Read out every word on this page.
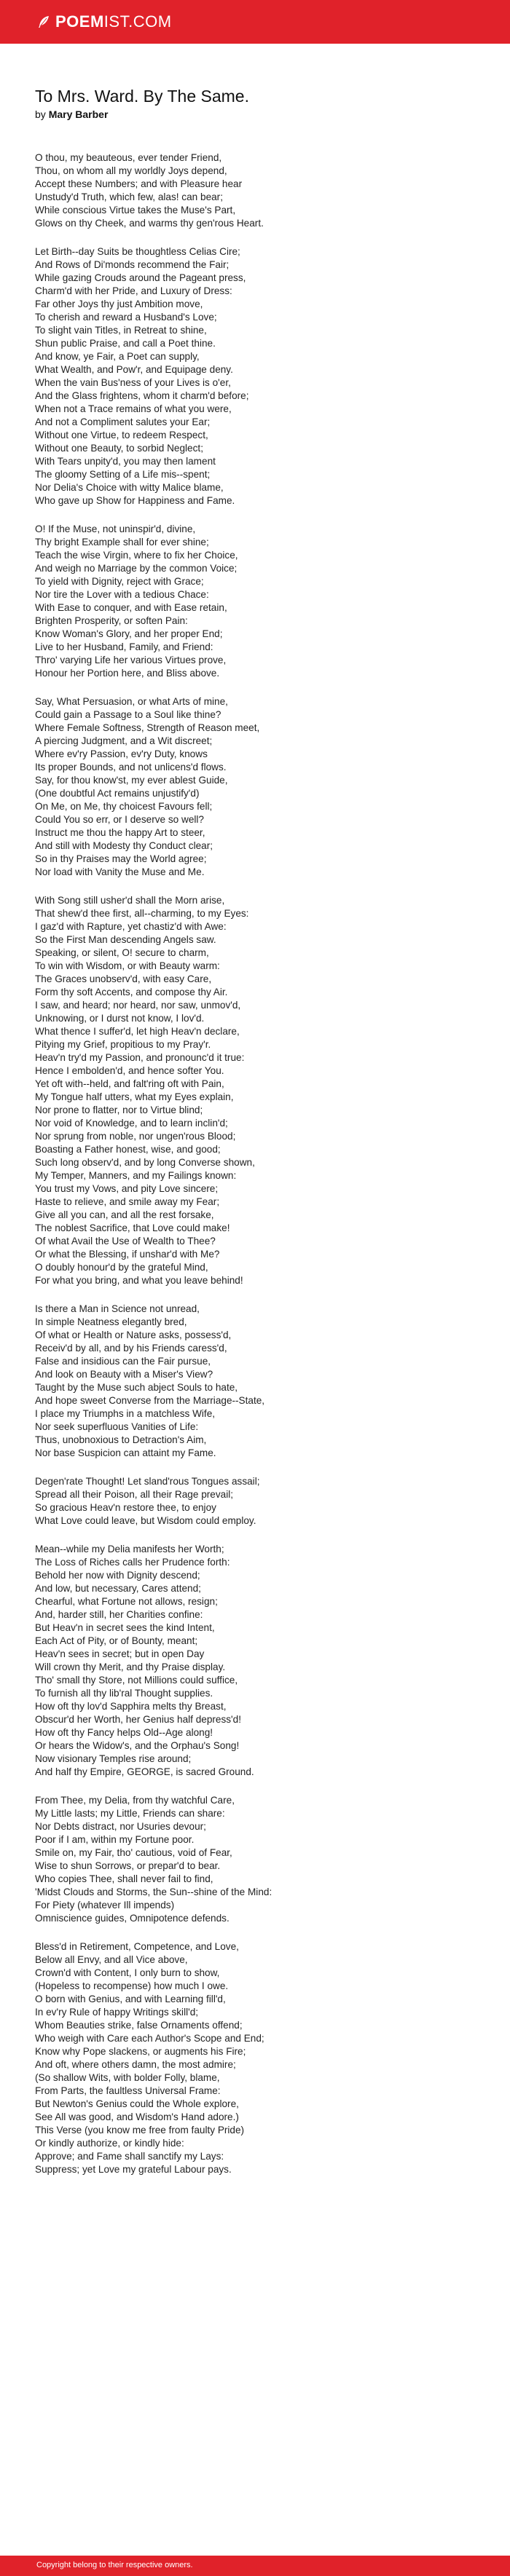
POEM IST.COM
To Mrs. Ward. By The Same.
by Mary Barber
O thou, my beauteous, ever tender Friend,
Thou, on whom all my worldly Joys depend,
Accept these Numbers; and with Pleasure hear
Unstudy'd Truth, which few, alas! can bear;
While conscious Virtue takes the Muse's Part,
Glows on thy Cheek, and warms thy gen'rous Heart.
Let Birth--day Suits be thoughtless Celias Cire;
And Rows of Di'monds recommend the Fair;
While gazing Crouds around the Pageant press,
Charm'd with her Pride, and Luxury of Dress:
Far other Joys thy just Ambition move,
To cherish and reward a Husband's Love;
To slight vain Titles, in Retreat to shine,
Shun public Praise, and call a Poet thine.
And know, ye Fair, a Poet can supply,
What Wealth, and Pow'r, and Equipage deny.
When the vain Bus'ness of your Lives is o'er,
And the Glass frightens, whom it charm'd before;
When not a Trace remains of what you were,
And not a Compliment salutes your Ear;
Without one Virtue, to redeem Respect,
Without one Beauty, to sorbid Neglect;
With Tears unpity'd, you may then lament
The gloomy Setting of a Life mis--spent;
Nor Delia's Choice with witty Malice blame,
Who gave up Show for Happiness and Fame.
O! If the Muse, not uninspir'd, divine,
Thy bright Example shall for ever shine;
Teach the wise Virgin, where to fix her Choice,
And weigh no Marriage by the common Voice;
To yield with Dignity, reject with Grace;
Nor tire the Lover with a tedious Chace:
With Ease to conquer, and with Ease retain,
Brighten Prosperity, or soften Pain:
Know Woman's Glory, and her proper End;
Live to her Husband, Family, and Friend:
Thro' varying Life her various Virtues prove,
Honour her Portion here, and Bliss above.
Say, What Persuasion, or what Arts of mine,
Could gain a Passage to a Soul like thine?
Where Female Softness, Strength of Reason meet,
A piercing Judgment, and a Wit discreet;
Where ev'ry Passion, ev'ry Duty, knows
Its proper Bounds, and not unlicens'd flows.
Say, for thou know'st, my ever ablest Guide,
(One doubtful Act remains unjustify'd)
On Me, on Me, thy choicest Favours fell;
Could You so err, or I deserve so well?
Instruct me thou the happy Art to steer,
And still with Modesty thy Conduct clear;
So in thy Praises may the World agree;
Nor load with Vanity the Muse and Me.
With Song still usher'd shall the Morn arise,
That shew'd thee first, all--charming, to my Eyes:
I gaz'd with Rapture, yet chastiz'd with Awe:
So the First Man descending Angels saw.
Speaking, or silent, O! secure to charm,
To win with Wisdom, or with Beauty warm:
The Graces unobserv'd, with easy Care,
Form thy soft Accents, and compose thy Air.
I saw, and heard; nor heard, nor saw, unmov'd,
Unknowing, or I durst not know, I lov'd.
What thence I suffer'd, let high Heav'n declare,
Pitying my Grief, propitious to my Pray'r.
Heav'n try'd my Passion, and pronounc'd it true:
Hence I embolden'd, and hence softer You.
Yet oft with--held, and falt'ring oft with Pain,
My Tongue half utters, what my Eyes explain,
Nor prone to flatter, nor to Virtue blind;
Nor void of Knowledge, and to learn inclin'd;
Nor sprung from noble, nor ungen'rous Blood;
Boasting a Father honest, wise, and good;
Such long observ'd, and by long Converse shown,
My Temper, Manners, and my Failings known:
You trust my Vows, and pity Love sincere;
Haste to relieve, and smile away my Fear;
Give all you can, and all the rest forsake,
The noblest Sacrifice, that Love could make!
Of what Avail the Use of Wealth to Thee?
Or what the Blessing, if unshar'd with Me?
O doubly honour'd by the grateful Mind,
For what you bring, and what you leave behind!
Is there a Man in Science not unread,
In simple Neatness elegantly bred,
Of what or Health or Nature asks, possess'd,
Receiv'd by all, and by his Friends caress'd,
False and insidious can the Fair pursue,
And look on Beauty with a Miser's View?
Taught by the Muse such abject Souls to hate,
And hope sweet Converse from the Marriage--State,
I place my Triumphs in a matchless Wife,
Nor seek superfluous Vanities of Life:
Thus, unobnoxious to Detraction's Aim,
Nor base Suspicion can attaint my Fame.
Degen'rate Thought! Let sland'rous Tongues assail;
Spread all their Poison, all their Rage prevail;
So gracious Heav'n restore thee, to enjoy
What Love could leave, but Wisdom could employ.
Mean--while my Delia manifests her Worth;
The Loss of Riches calls her Prudence forth:
Behold her now with Dignity descend;
And low, but necessary, Cares attend;
Chearful, what Fortune not allows, resign;
And, harder still, her Charities confine:
But Heav'n in secret sees the kind Intent,
Each Act of Pity, or of Bounty, meant;
Heav'n sees in secret; but in open Day
Will crown thy Merit, and thy Praise display.
Tho' small thy Store, not Millions could suffice,
To furnish all thy lib'ral Thought supplies.
How oft thy lov'd Sapphira melts thy Breast,
Obscur'd her Worth, her Genius half depress'd!
How oft thy Fancy helps Old--Age along!
Or hears the Widow's, and the Orphau's Song!
Now visionary Temples rise around;
And half thy Empire, GEORGE, is sacred Ground.
From Thee, my Delia, from thy watchful Care,
My Little lasts; my Little, Friends can share:
Nor Debts distract, nor Usuries devour;
Poor if I am, within my Fortune poor.
Smile on, my Fair, tho' cautious, void of Fear,
Wise to shun Sorrows, or prepar'd to bear.
Who copies Thee, shall never fail to find,
'Midst Clouds and Storms, the Sun--shine of the Mind:
For Piety (whatever Ill impends)
Omniscience guides, Omnipotence defends.
Bless'd in Retirement, Competence, and Love,
Below all Envy, and all Vice above,
Crown'd with Content, I only burn to show,
(Hopeless to recompense) how much I owe.
O born with Genius, and with Learning fill'd,
In ev'ry Rule of happy Writings skill'd;
Whom Beauties strike, false Ornaments offend;
Who weigh with Care each Author's Scope and End;
Know why Pope slackens, or augments his Fire;
And oft, where others damn, the most admire;
(So shallow Wits, with bolder Folly, blame,
From Parts, the faultless Universal Frame:
But Newton's Genius could the Whole explore,
See All was good, and Wisdom's Hand adore.)
This Verse (you know me free from faulty Pride)
Or kindly authorize, or kindly hide:
Approve; and Fame shall sanctify my Lays:
Suppress; yet Love my grateful Labour pays.
Copyright belong to their respective owners.
